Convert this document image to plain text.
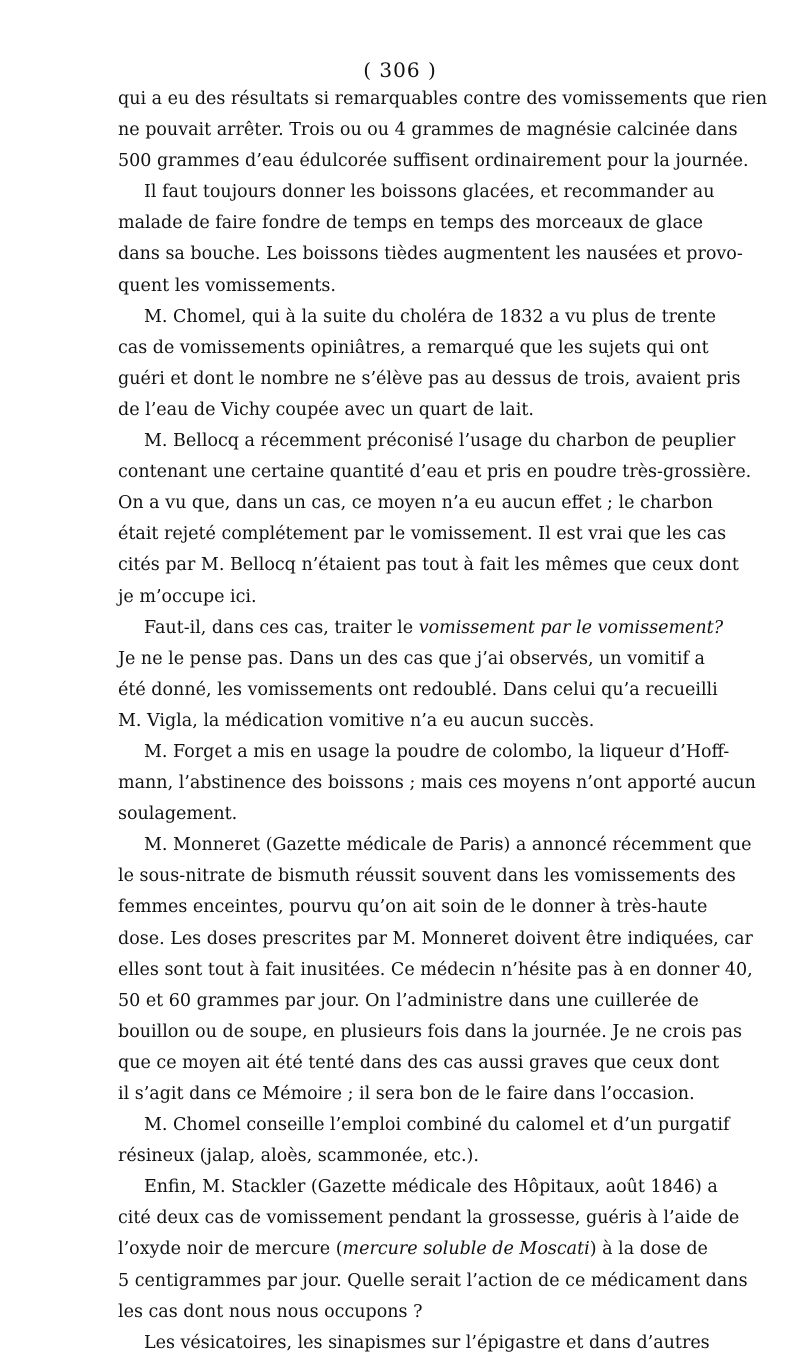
( 306 )
qui a eu des résultats si remarquables contre des vomissements que rien
ne pouvait arrêter. Trois ou ou 4 grammes de magnésie calcinée dans
500 grammes d’eau édulcorée suffisent ordinairement pour la journée.
Il faut toujours donner les boissons glacées, et recommander au
malade de faire fondre de temps en temps des morceaux de glace
dans sa bouche. Les boissons tièdes augmentent les nausées et provo-
quent les vomissements.
M. Chomel, qui à la suite du choléra de 1832 a vu plus de trente
cas de vomissements opiniâtres, a remarqué que les sujets qui ont
guéri et dont le nombre ne s’élève pas au dessus de trois, avaient pris
de l’eau de Vichy coupée avec un quart de lait.
M. Bellocq a récemment préconisé l’usage du charbon de peuplier
contenant une certaine quantité d’eau et pris en poudre très-grossière.
On a vu que, dans un cas, ce moyen n’a eu aucun effet ; le charbon
était rejeté complétement par le vomissement. Il est vrai que les cas
cités par M. Bellocq n’étaient pas tout à fait les mêmes que ceux dont
je m’occupe ici.
Faut-il, dans ces cas, traiter le vomissement par le vomissement?
Je ne le pense pas. Dans un des cas que j’ai observés, un vomitif a
été donné, les vomissements ont redoublé. Dans celui qu’a recueilli
M. Vigla, la médication vomitive n’a eu aucun succès.
M. Forget a mis en usage la poudre de colombo, la liqueur d’Hoff-
mann, l’abstinence des boissons ; mais ces moyens n’ont apporté aucun
soulagement.
M. Monneret (Gazette médicale de Paris) a annoncé récemment que
le sous-nitrate de bismuth réussit souvent dans les vomissements des
femmes enceintes, pourvu qu’on ait soin de le donner à très-haute
dose. Les doses prescrites par M. Monneret doivent être indiquées, car
elles sont tout à fait inusitées. Ce médecin n’hésite pas à en donner 40,
50 et 60 grammes par jour. On l’administre dans une cuillerée de
bouillon ou de soupe, en plusieurs fois dans la journée. Je ne crois pas
que ce moyen ait été tenté dans des cas aussi graves que ceux dont
il s’agit dans ce Mémoire ; il sera bon de le faire dans l’occasion.
M. Chomel conseille l’emploi combiné du calomel et d’un purgatif
résineux (jalap, aloès, scammonée, etc.).
Enfin, M. Stackler (Gazette médicale des Hôpitaux, août 1846) a
cité deux cas de vomissement pendant la grossesse, guéris à l’aide de
l’oxyde noir de mercure (mercure soluble de Moscati) à la dose de
5 centigrammes par jour. Quelle serait l’action de ce médicament dans
les cas dont nous nous occupons ?
Les vésicatoires, les sinapismes sur l’épigastre et dans d’autres
